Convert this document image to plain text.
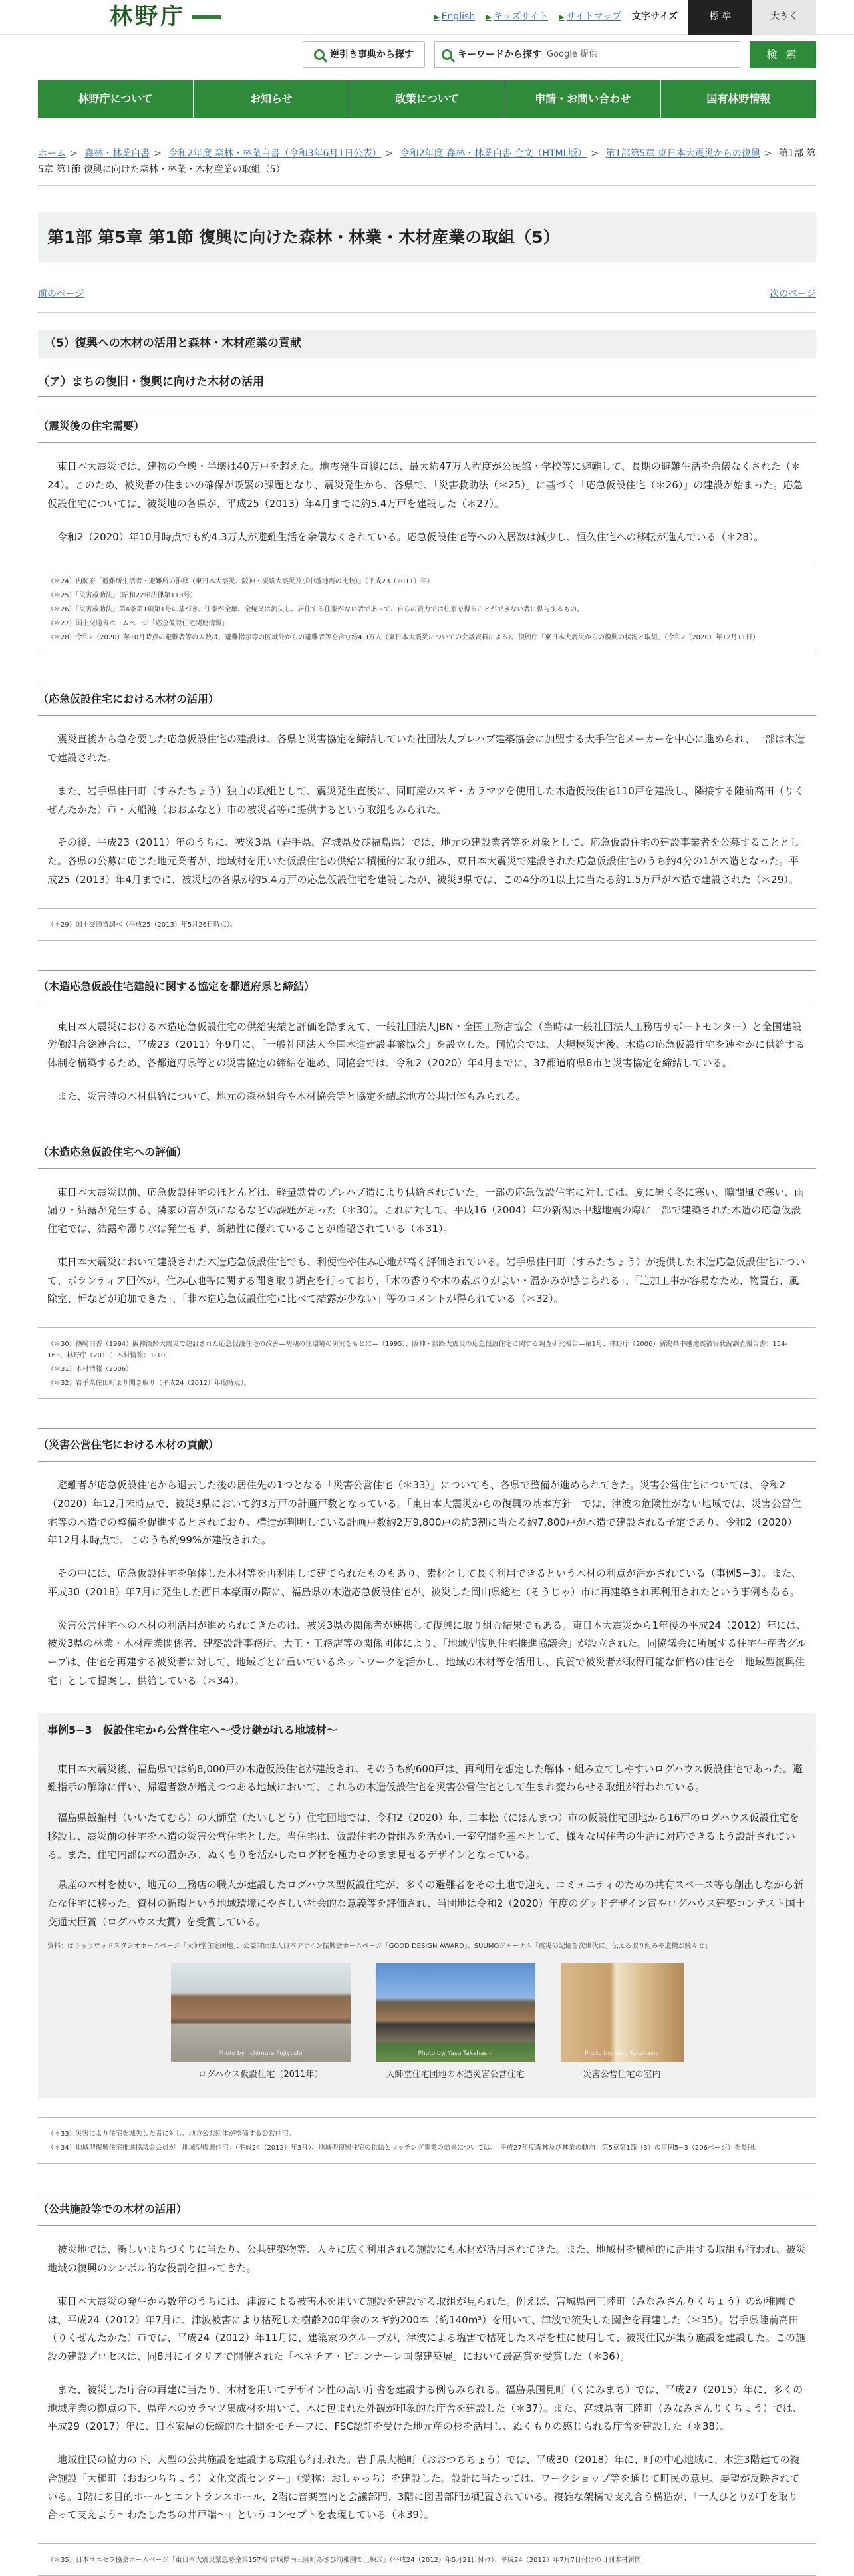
林野庁	▶ English ▶ キッズサイト ▶ サイトマップ 文字サイズ	標 準	大きく
逆引き事典から探す	キーワードから探す Google 提供	検 索
林野庁について	お知らせ	政策について	申請・お問い合わせ	国有林野情報
ホーム > 森林・林業白書 > 令和2年度 森林・林業白書（令和3年6月1日公表） > 令和2年度 森林・林業白書 全文（HTML版） > 第1部第5章 東日本大震災からの復興 > 第1部 第5章 第1節 復興に向けた森林・林業・木材産業の取組（5）
第1部 第5章 第1節 復興に向けた森林・林業・木材産業の取組（5）
前のページ	次のページ
（5）復興への木材の活用と森林・木材産業の貢献
（ア）まちの復旧・復興に向けた木材の活用
（震災後の住宅需要）

東日本大震災では、建物の全壊・半壊は40万戸を超えた。地震発生直後には、最大約47万人程度が公民館・学校等に避難して、長期の避難生活を余儀なくされた（＊24）。このため、被災者の住まいの確保が喫緊の課題となり、震災発生から、各県で、「災害救助法（＊25）」に基づく「応急仮設住宅（＊26）」の建設が始まった。応急仮設住宅については、被災地の各県が、平成25（2013）年4月までに約5.4万戸を建設した（＊27）。

令和2（2020）年10月時点でも約4.3万人が避難生活を余儀なくされている。応急仮設住宅等への入居数は減少し、恒久住宅への移転が進んでいる（＊28）。

（＊24）内閣府「避難所生活者・避難所の推移（東日本大震災、阪神・淡路大震災及び中越地震の比較）」（平成23（2011）年）

（＊25）「災害救助法」（昭和22年法律第118号）

（＊26）「災害救助法」第4条第1項第1号に基づき、住家が全壊、全焼又は流失し、居住する住家がない者であって、自らの資力では住家を得ることができない者に供与するもの。

（＊27）国土交通省ホームページ「応急仮設住宅関連情報」

（＊28）令和2（2020）年10月時点の避難者等の人数は、避難指示等の区域外からの避難者等を含む約4.3万人（東日本大震災についての会議資料による）。復興庁「東日本大震災からの復興の状況と取組」（令和2（2020）年12月11日）

（応急仮設住宅における木材の活用）

震災直後から急を要した応急仮設住宅の建設は、各県と災害協定を締結していた社団法人プレハブ建築協会に加盟する大手住宅メーカーを中心に進められ、一部は木造で建設された。

また、岩手県住田町（すみたちょう）独自の取組として、震災発生直後に、同町産のスギ・カラマツを使用した木造仮設住宅110戸を建設し、隣接する陸前高田（りくぜんたかた）市・大船渡（おおふなと）市の被災者等に提供するという取組もみられた。

その後、平成23（2011）年のうちに、被災3県（岩手県、宮城県及び福島県）では、地元の建設業者等を対象として、応急仮設住宅の建設事業者を公募することとした。各県の公募に応じた地元業者が、地域材を用いた仮設住宅の供給に積極的に取り組み、東日本大震災で建設された応急仮設住宅のうち約4分の1が木造となった。平成25（2013）年4月までに、被災地の各県が約5.4万戸の応急仮設住宅を建設したが、被災3県では、この4分の1以上に当たる約1.5万戸が木造で建設された（＊29）。

（＊29）国土交通省調べ（平成25（2013）年5月26日時点）。

（木造応急仮設住宅建設に関する協定を都道府県と締結）

東日本大震災における木造応急仮設住宅の供給実績と評価を踏まえて、一般社団法人JBN・全国工務店協会（当時は一般社団法人工務店サポートセンター）と全国建設労働組合総連合は、平成23（2011）年9月に、「一般社団法人全国木造建設事業協会」を設立した。同協会では、大規模災害後、木造の応急仮設住宅を速やかに供給する体制を構築するため、各都道府県等との災害協定の締結を進め、同協会では、令和2（2020）年4月までに、37都道府県8市と災害協定を締結している。

また、災害時の木材供給について、地元の森林組合や木材協会等と協定を結ぶ地方公共団体もみられる。

（木造応急仮設住宅への評価）

東日本大震災以前、応急仮設住宅のほとんどは、軽量鉄骨のプレハブ造により供給されていた。一部の応急仮設住宅に対しては、夏に暑く冬に寒い、隙間風で寒い、雨漏り・結露が発生する、隣家の音が気になるなどの課題があった（＊30）。これに対して、平成16（2004）年の新潟県中越地震の際に一部で建築された木造の応急仮設住宅では、結露や滞り水は発生せず、断熱性に優れていることが確認されている（＊31）。

東日本大震災において建設された木造応急仮設住宅でも、利便性や住み心地が高く評価されている。岩手県住田町（すみたちょう）が提供した木造応急仮設住宅について、ボランティア団体が、住み心地等に関する聞き取り調査を行っており、「木の香りや木の素ぶりがよい・温かみが感じられる」、「追加工事が容易なため、物置台、風除室、軒などが追加できた」、「非木造応急仮設住宅に比べて結露が少ない」等のコメントが得られている（＊32）。

（＊30）篠崎由香（1994）阪神淡路大震災で建設された応急仮設住宅の改善—初期の住環境の研究をもとに—（1995）、阪神・淡路大震災の応急仮設住宅に関する調査研究報告—第1号、林野庁（2006）新潟県中越地震被害状況調査報告書：154-163、林野庁（2011）木材情報：1-10.

（＊31）木材情報（2006）

（＊32）岩手県住田町より聞き取り（平成24（2012）年度時点）。

（災害公営住宅における木材の貢献）

避難者が応急仮設住宅から退去した後の居住先の1つとなる「災害公営住宅（＊33）」についても、各県で整備が進められてきた。災害公営住宅については、令和2（2020）年12月末時点で、被災3県において約3万戸の計画戸数となっている。「東日本大震災からの復興の基本方針」では、津波の危険性がない地域では、災害公営住宅等の木造での整備を促進するとされており、構造が判明している計画戸数約2万9,800戸の約3割に当たる約7,800戸が木造で建設される予定であり、令和2（2020）年12月末時点で、このうち約99%が建設された。

その中には、応急仮設住宅を解体した木材等を再利用して建てられたものもあり、素材として長く利用できるという木材の利点が活かされている（事例5−3）。また、平成30（2018）年7月に発生した西日本豪雨の際に、福島県の木造応急仮設住宅が、被災した岡山県総社（そうじゃ）市に再建築され再利用されたという事例もある。

災害公営住宅への木材の利活用が進められてきたのは、被災3県の関係者が連携して復興に取り組む結果でもある。東日本大震災から1年後の平成24（2012）年には、被災3県の林業・木材産業関係者、建築設計事務所、大工・工務店等の関係団体により、「地域型復興住宅推進協議会」が設立された。同協議会に所属する住宅生産者グループは、住宅を再建する被災者に対して、地域ごとに重いているネットワークを活かし、地域の木材等を活用し、良質で被災者が取得可能な価格の住宅を「地域型復興住宅」として提案し、供給している（＊34）。

事例5−3　仮設住宅から公営住宅へ〜受け継がれる地域材〜

東日本大震災後、福島県では約8,000戸の木造仮設住宅が建設され、そのうち約600戸は、再利用を想定した解体・組み立てしやすいログハウス仮設住宅であった。避難指示の解除に伴い、帰還者数が増えつつある地域において、これらの木造仮設住宅を災害公営住宅として生まれ変わらせる取組が行われている。

福島県飯舘村（いいたてむら）の大師堂（たいしどう）住宅団地では、令和2（2020）年、二本松（にほんまつ）市の仮設住宅団地から16戸のログハウス仮設住宅を移設し、震災前の住宅を木造の災害公営住宅とした。当住宅は、仮設住宅の骨組みを活かし一室空間を基本として、様々な居住者の生活に対応できるよう設計されている。また、住宅内部は木の温かみ、ぬくもりを活かしたログ材を極力そのまま見せるデザインとなっている。

県産の木材を使い、地元の工務店の職人が建設したログハウス型仮設住宅が、多くの避難者をその土地で迎え、コミュニティのための共有スペース等も創出しながら新たな住宅に移った。資材の循環という地域環境にやさしい社会的な意義等を評価され、当団地は令和2（2020）年度のグッドデザイン賞やログハウス建築コンテスト国土交通大臣賞（ログハウス大賞）を受賞している。

資料：はりゅうウッドスタジオホームページ「大師堂住宅団地」、公益財団法人日本デザイン振興会ホームページ「GOOD DESIGN AWARD」、SUUMOジャーナル「震災の記憶を次世代に。伝える取り組みや遺構が続々と」

Photo by: Ichimura Fujiyoshi
ログハウス仮設住宅（2011年）
Photo by: Yasu Takahashi
大師堂住宅団地の木造災害公営住宅
Photo by: Yasu Takahashi
災害公営住宅の室内

（＊33）災害により住宅を滅失した者に対し、地方公共団体が整備する公営住宅。

（＊34）地域型復興住宅推進協議会会員が「地域型復興住宅」（平成24（2012）年3月）、地域型復興住宅の供給とマッチング事業の効果については、「平成27年度森林及び林業の動向」第5章第1節（3）の事例5−3（206ページ）を参照。

（公共施設等での木材の活用）

被災地では、新しいまちづくりに当たり、公共建築物等、人々に広く利用される施設にも木材が活用されてきた。また、地域材を積極的に活用する取組も行われ、被災地域の復興のシンボル的な役割を担ってきた。

東日本大震災の発生から数年のうちには、津波による被害木を用いて施設を建設する取組が見られた。例えば、宮城県南三陸町（みなみさんりくちょう）の幼稚園では、平成24（2012）年7月に、津波被害により枯死した樹齢200年余のスギ約200本（約140m³）を用いて、津波で流失した園舎を再建した（＊35）。岩手県陸前高田（りくぜんたかた）市では、平成24（2012）年11月に、建築家のグループが、津波による塩害で枯死したスギを柱に使用して、被災住民が集う施設を建設した。この施設の建設プロセスは、同8月にイタリアで開催された「ベネチア・ビエンナーレ国際建築展」において最高賞を受賞した（＊36）。

また、被災した庁舎の再建に当たり、木材を用いてデザイン性の高い庁舎を建設する例もみられる。福島県国見町（くにみまち）では、平成27（2015）年に、多くの地域産業の拠点の下、県産木のカラマツ集成材を用いて、木に包まれた外観が印象的な庁舎を建設した（＊37）。また、宮城県南三陸町（みなみさんりくちょう）では、平成29（2017）年に、日本家屋の伝統的な土間をモチーフに、FSC認証を受けた地元産の杉を活用し、ぬくもりの感じられる庁舎を建設した（＊38）。

地域住民の協力の下、大型の公共施設を建設する取組も行われた。岩手県大槌町（おおつちちょう）では、平成30（2018）年に、町の中心地域に、木造3階建ての複合施設「大槌町（おおつちちょう）文化交流センター」（愛称：おしゃっち）を建設した。設計に当たっては、ワークショップ等を通じて町民の意見、要望が反映されている。1階に多目的ホールとエントランスホール、2階に音楽室内と会議部門、3階に図書部門が配置されている。複雑な架構で支え合う構造が、「一人ひとりが手を取り合って支えよう〜わたしたちの井戸端〜」というコンセプトを表現している（＊39）。

（＊35）日本ユニセフ協会ホームページ「東日本大震災緊急募金第157報 宮城県南三陸町あさひ幼稚園で上棟式」（平成24（2012）年5月21日付け）、平成24（2012）年7月7日付けの日刊木材新聞
